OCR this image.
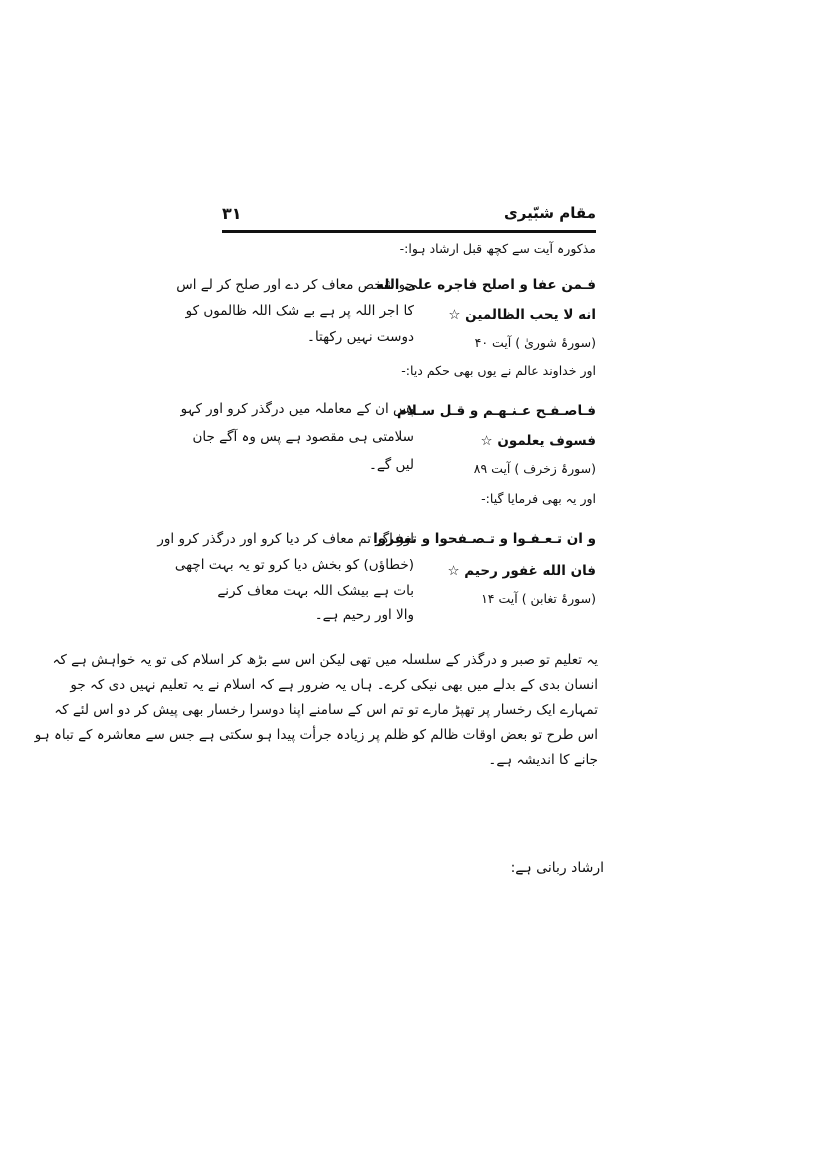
۳۱	مقام شبّیری
مذکورہ آیت سے کچھ قبل ارشاد ہوا:-
فـمن عفا و اصلح فاجره علی الله
انه لا یحب الظالمین ☆
(سورۂ شوریٰ ) آیت ۴۰
جو شخص معاف کر دے اور صلح کر لے اس
کا اجر اللہ پر ہے بے شک اللہ ظالموں کو
دوست نہیں رکھتا۔
اور خداوند عالم نے یوں بھی حکم دیا:-
فـاصـفـح عـنـهـم و قـل سـلام
فسوف یعلمون ☆
(سورۂ زخرف ) آیت ۸۹
پس ان کے معاملہ میں درگذر کرو اور کہو
سلامتی ہی مقصود ہے پس وہ آگے جان
لیں گے۔
اور یہ بھی فرمایا گیا:-
و ان تـعـفـوا و تـصـفحوا و تغفروا
فان الله غفور رحیم ☆
(سورۂ تغابن ) آیت ۱۴
اور اگر تم معاف کر دیا کرو اور درگذر کرو اور
(خطاؤں) کو بخش دیا کرو تو یہ بہت اچھی
بات ہے بیشک اللہ بہت معاف کرنے
والا اور رحیم ہے۔
یہ تعلیم تو صبر و درگذر کے سلسلہ میں تھی لیکن اس سے بڑھ کر اسلام کی تو یہ خواہش ہے کہ
انسان بدی کے بدلے میں بھی نیکی کرے۔ ہاں یہ ضرور ہے کہ اسلام نے یہ تعلیم نہیں دی کہ جو
تمہارے ایک رخسار پر تھپڑ مارے تو تم اس کے سامنے اپنا دوسرا رخسار بھی پیش کر دو اس لئے کہ
اس طرح تو بعض اوقات ظالم کو ظلم پر زیادہ جرأت پیدا ہو سکتی ہے جس سے معاشرہ کے تباہ ہو
جانے کا اندیشہ ہے۔
ارشاد ربانی ہے:
